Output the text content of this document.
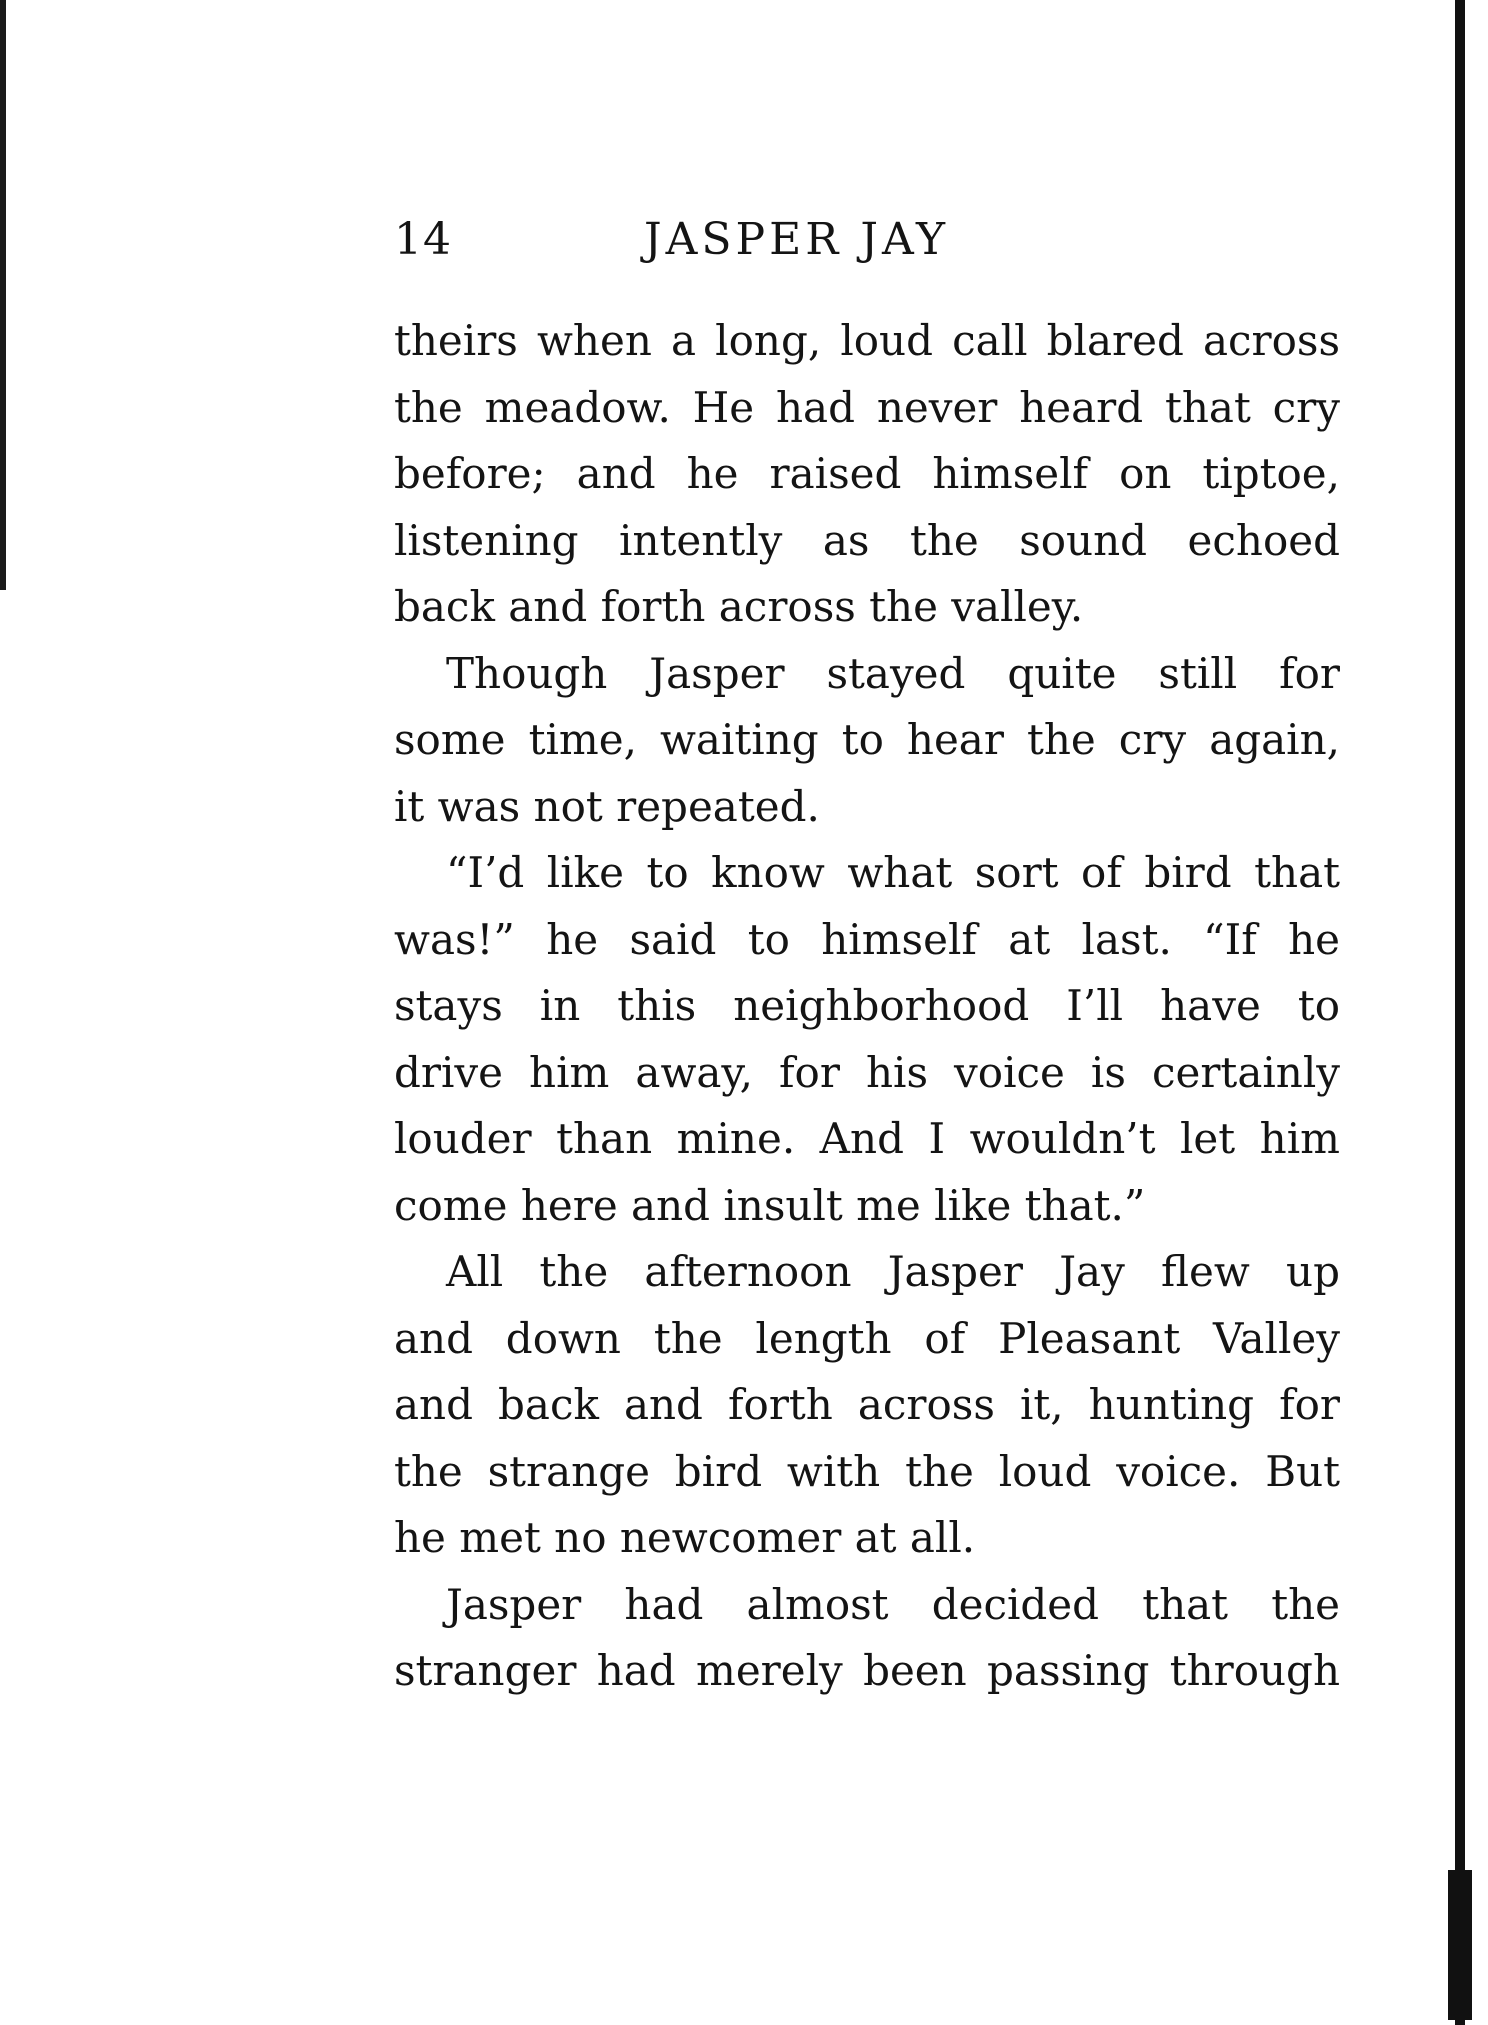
14	JASPER JAY
theirs when a long, loud call blared across
the meadow. He had never heard that cry
before; and he raised himself on tiptoe,
listening intently as the sound echoed
back and forth across the valley.
Though Jasper stayed quite still for
some time, waiting to hear the cry again,
it was not repeated.
“I’d like to know what sort of bird that
was!” he said to himself at last. “If he
stays in this neighborhood I’ll have to
drive him away, for his voice is certainly
louder than mine. And I wouldn’t let him
come here and insult me like that.”
All the afternoon Jasper Jay flew up
and down the length of Pleasant Valley
and back and forth across it, hunting for
the strange bird with the loud voice. But
he met no newcomer at all.
Jasper had almost decided that the
stranger had merely been passing through
